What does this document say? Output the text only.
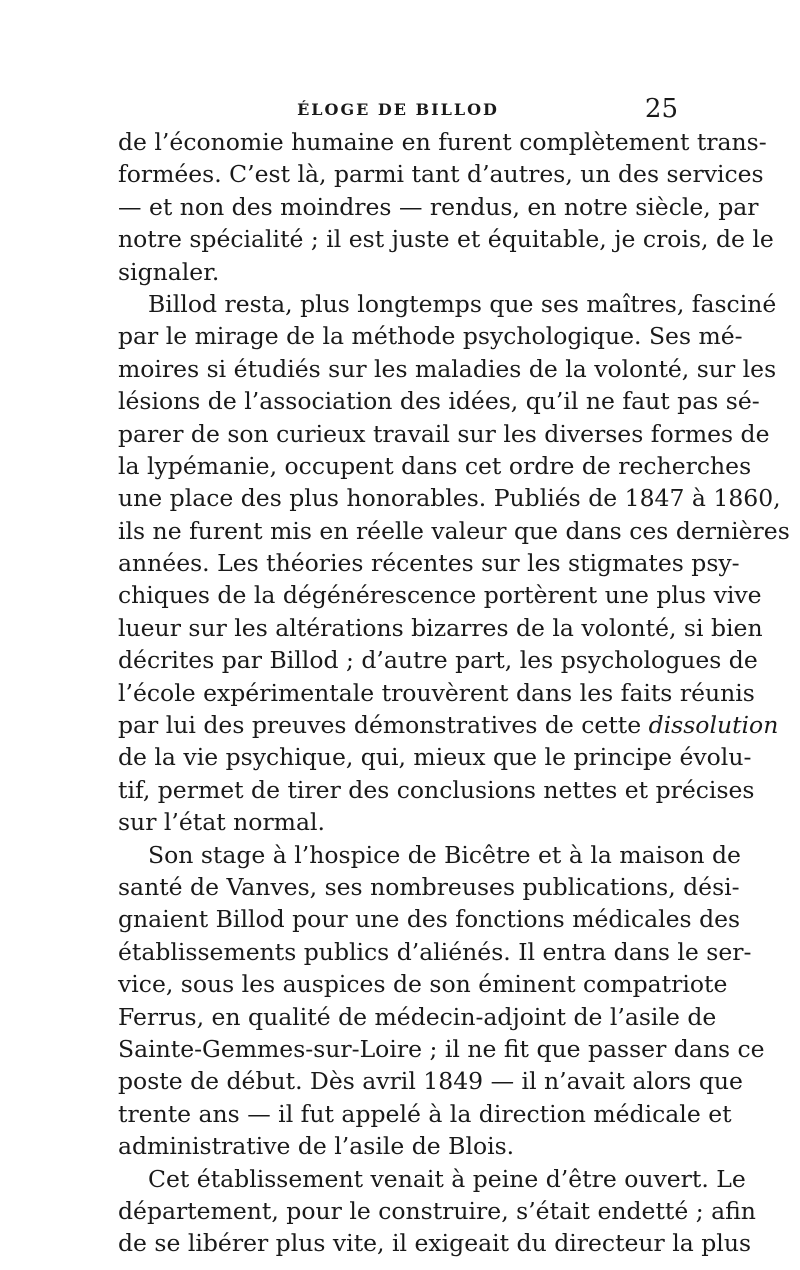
ÉLOGE DE BILLOD	25
de l’économie humaine en furent complètement trans-
formées. C’est là, parmi tant d’autres, un des services
— et non des moindres — rendus, en notre siècle, par
notre spécialité ; il est juste et équitable, je crois, de le
signaler.
Billod resta, plus longtemps que ses maîtres, fasciné
par le mirage de la méthode psychologique. Ses mé-
moires si étudiés sur les maladies de la volonté, sur les
lésions de l’association des idées, qu’il ne faut pas sé-
parer de son curieux travail sur les diverses formes de
la lypémanie, occupent dans cet ordre de recherches
une place des plus honorables. Publiés de 1847 à 1860,
ils ne furent mis en réelle valeur que dans ces dernières
années. Les théories récentes sur les stigmates psy-
chiques de la dégénérescence portèrent une plus vive
lueur sur les altérations bizarres de la volonté, si bien
décrites par Billod ; d’autre part, les psychologues de
l’école expérimentale trouvèrent dans les faits réunis
par lui des preuves démonstratives de cette dissolution
de la vie psychique, qui, mieux que le principe évolu-
tif, permet de tirer des conclusions nettes et précises
sur l’état normal.
Son stage à l’hospice de Bicêtre et à la maison de
santé de Vanves, ses nombreuses publications, dési-
gnaient Billod pour une des fonctions médicales des
établissements publics d’aliénés. Il entra dans le ser-
vice, sous les auspices de son éminent compatriote
Ferrus, en qualité de médecin-adjoint de l’asile de
Sainte-Gemmes-sur-Loire ; il ne fit que passer dans ce
poste de début. Dès avril 1849 — il n’avait alors que
trente ans — il fut appelé à la direction médicale et
administrative de l’asile de Blois.
Cet établissement venait à peine d’être ouvert. Le
département, pour le construire, s’était endetté ; afin
de se libérer plus vite, il exigeait du directeur la plus
